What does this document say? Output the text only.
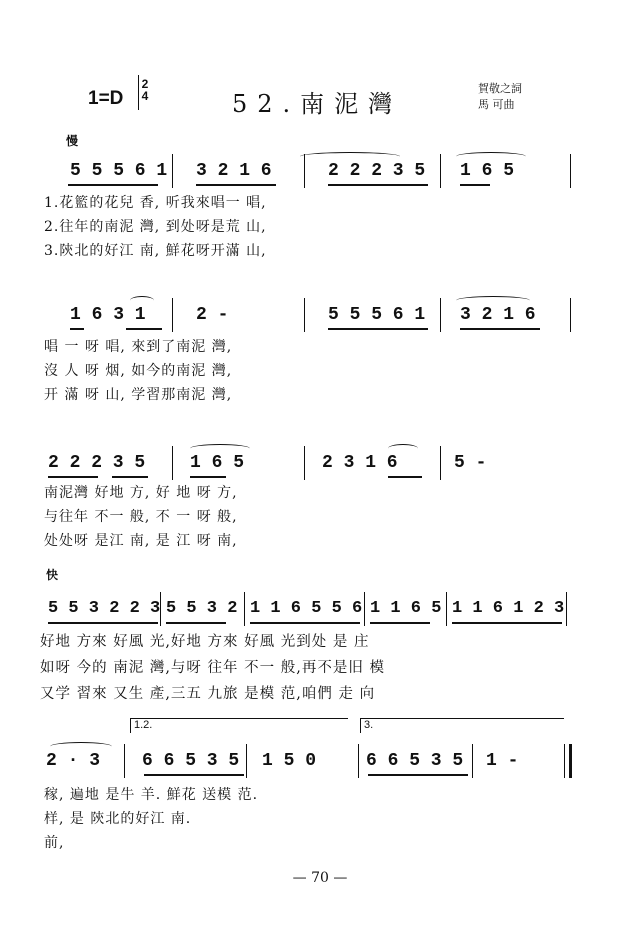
1=D
2
4	52.南泥灣
賀敬之詞
馬 可曲
慢
5 5 5 6 1 3 2 1 6	2 2 2 3 5 1 6 5
1.花籃的花兒 香, 听我來唱一 唱,
2.往年的南泥 灣, 到处呀是荒 山,
3.陝北的好江 南, 鮮花呀开滿 山,
1 6 3 1	2 -	5 5 5 6 1 3 2 1 6
唱 一 呀 唱, 來到了南泥 灣,
沒 人 呀 烟, 如今的南泥 灣,
开 滿 呀 山, 学習那南泥 灣,
2 2 2 3 5 1 6 5	2 3 1 6	5 -
南泥灣 好地 方, 好 地 呀 方,
与往年 不一 般, 不 一 呀 般,
处处呀 是江 南, 是 江 呀 南,
快
5 5 3 2 2 3 5 5 3 2 1 1 6 5 5 6 1 1 6 5 1 1 6 1 2 3
好地 方來 好風 光,好地 方來 好風 光到处 是 庄
如呀 今的 南泥 灣,与呀 往年 不一 般,再不是旧 模
又学 習來 又生 產,三五 九旅 是模 范,咱們 走 向
1.2.	3.
2 · 3 6 6 5 3 5 1 5 0	6 6 5 3 5 1 -
稼, 遍地 是牛 羊. 鮮花 送模 范.
样, 是 陝北的好江 南.
前,
— 70 —
